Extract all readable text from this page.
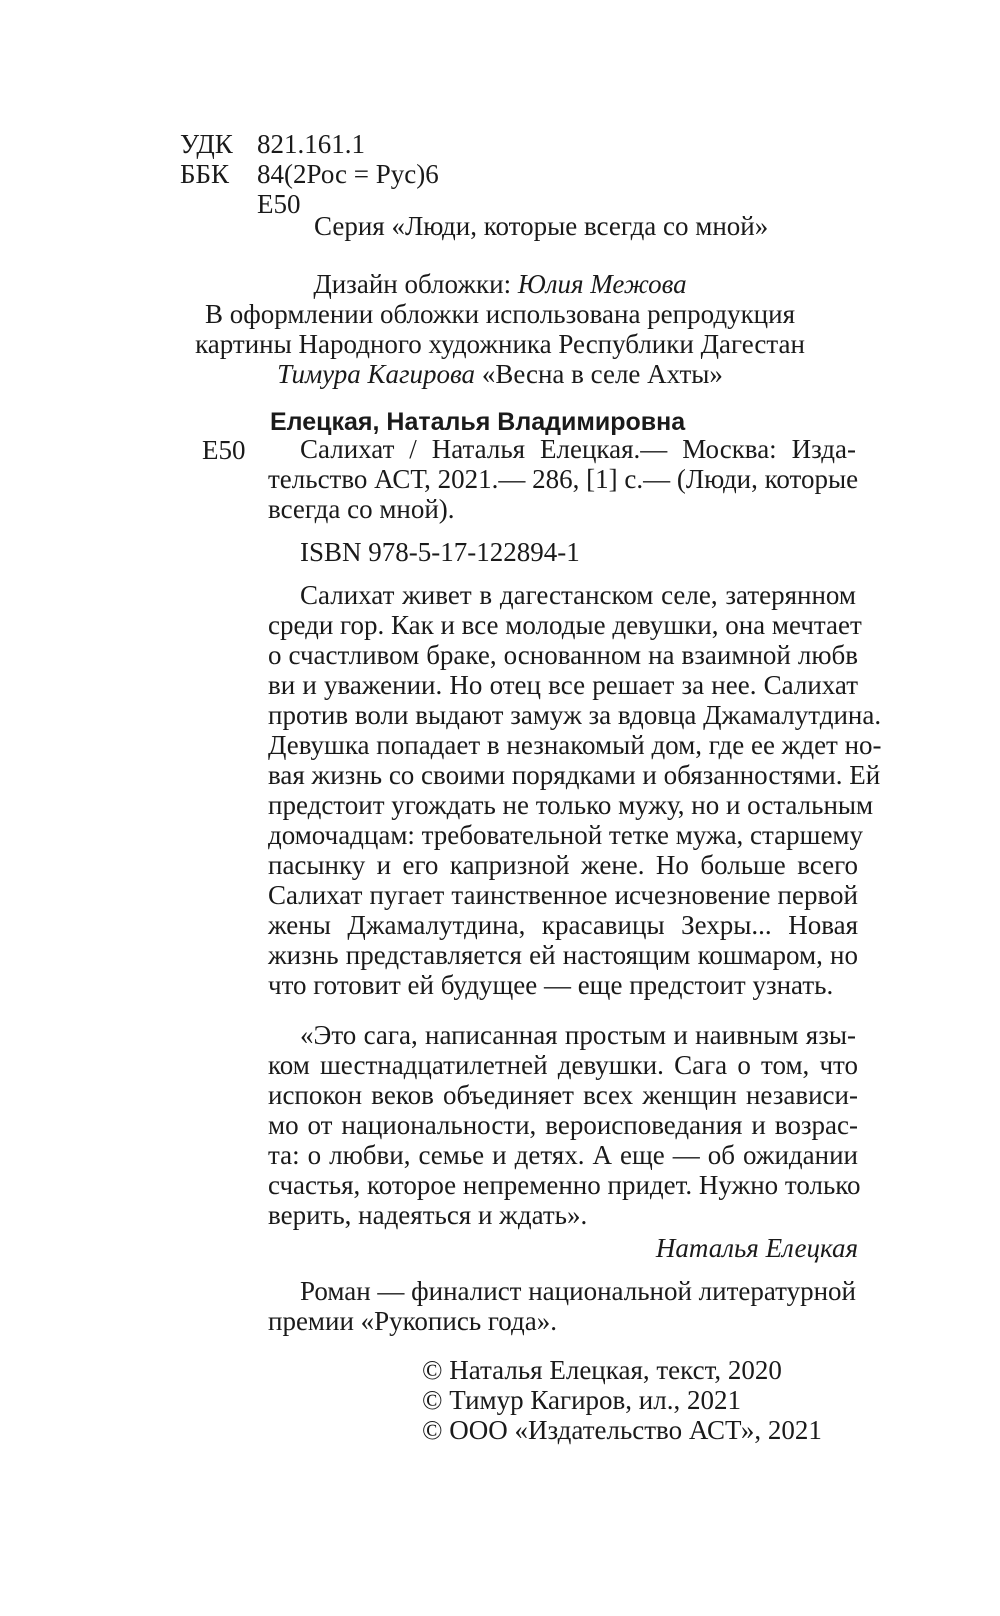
УДК 821.161.1
ББК 84(2Рос = Рус)6
Е50
Серия «Люди, которые всегда со мной»
Дизайн обложки: Юлия Межова
В оформлении обложки использована репродукция
картины Народного художника Республики Дагестан
Тимура Кагирова «Весна в селе Ахты»
Елецкая, Наталья Владимировна
Е50 Салихат / Наталья Елецкая.— Москва: Изда-
тельство АСТ, 2021.— 286, [1] с.— (Люди, которые
всегда со мной).
ISBN 978-5-17-122894-1
Салихат живет в дагестанском селе, затерянном
среди гор. Как и все молодые девушки, она мечтает
о счастливом браке, основанном на взаимной любв
ви и уважении. Но отец все решает за нее. Салихат
против воли выдают замуж за вдовца Джамалутдина.
Девушка попадает в незнакомый дом, где ее ждет но-
вая жизнь со своими порядками и обязанностями. Ей
предстоит угождать не только мужу, но и остальным
домочадцам: требовательной тетке мужа, старшему
пасынку и его капризной жене. Но больше всего
Салихат пугает таинственное исчезновение первой
жены Джамалутдина, красавицы Зехры... Новая
жизнь представляется ей настоящим кошмаром, но
что готовит ей будущее — еще предстоит узнать.
«Это сага, написанная простым и наивным язы-
ком шестнадцатилетней девушки. Сага о том, что
испокон веков объединяет всех женщин независи-
мо от национальности, вероисповедания и возрас-
та: о любви, семье и детях. А еще — об ожидании
счастья, которое непременно придет. Нужно только
верить, надеяться и ждать».
Наталья Елецкая
Роман — финалист национальной литературной
премии «Рукопись года».
© Наталья Елецкая, текст, 2020
© Тимур Кагиров, ил., 2021
© ООО «Издательство АСТ», 2021
